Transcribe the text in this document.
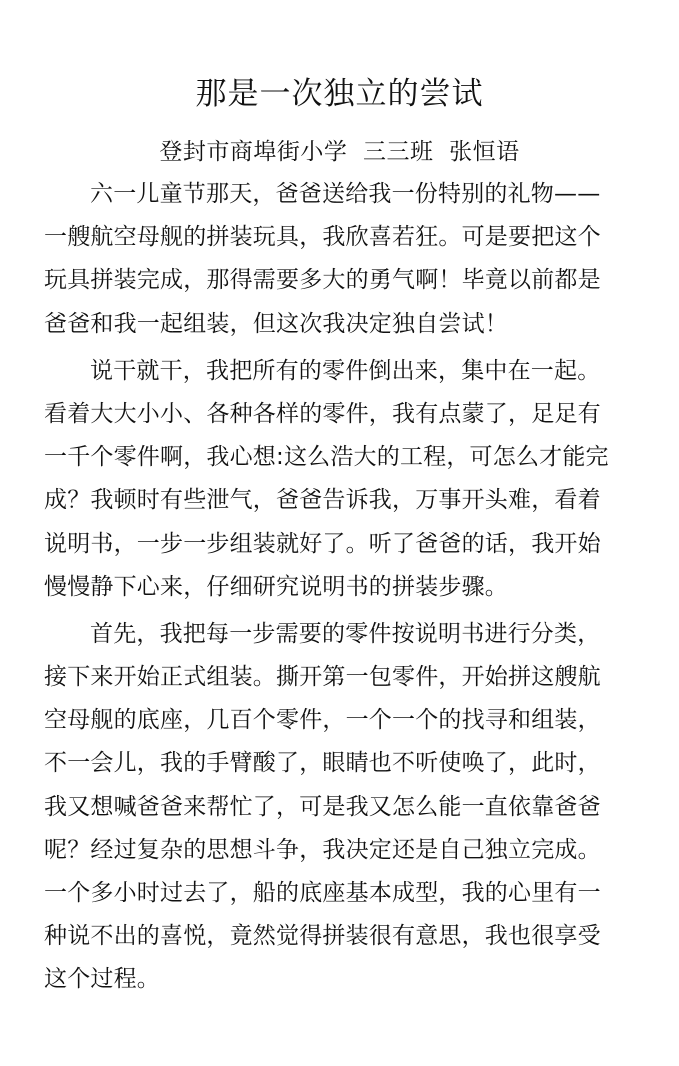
那是一次独立的尝试
登封市商埠街小学  三三班  张恒语
六一儿童节那天，爸爸送给我一份特别的礼物——
一艘航空母舰的拼装玩具，我欣喜若狂。可是要把这个
玩具拼装完成，那得需要多大的勇气啊！毕竟以前都是
爸爸和我一起组装，但这次我决定独自尝试！
说干就干，我把所有的零件倒出来，集中在一起。
看着大大小小、各种各样的零件，我有点蒙了，足足有
一千个零件啊，我心想:这么浩大的工程，可怎么才能完
成？我顿时有些泄气，爸爸告诉我，万事开头难，看着
说明书，一步一步组装就好了。听了爸爸的话，我开始
慢慢静下心来，仔细研究说明书的拼装步骤。
首先，我把每一步需要的零件按说明书进行分类，
接下来开始正式组装。撕开第一包零件，开始拼这艘航
空母舰的底座，几百个零件，一个一个的找寻和组装，
不一会儿，我的手臂酸了，眼睛也不听使唤了，此时，
我又想喊爸爸来帮忙了，可是我又怎么能一直依靠爸爸
呢？经过复杂的思想斗争，我决定还是自己独立完成。
一个多小时过去了，船的底座基本成型，我的心里有一
种说不出的喜悦，竟然觉得拼装很有意思，我也很享受
这个过程。
